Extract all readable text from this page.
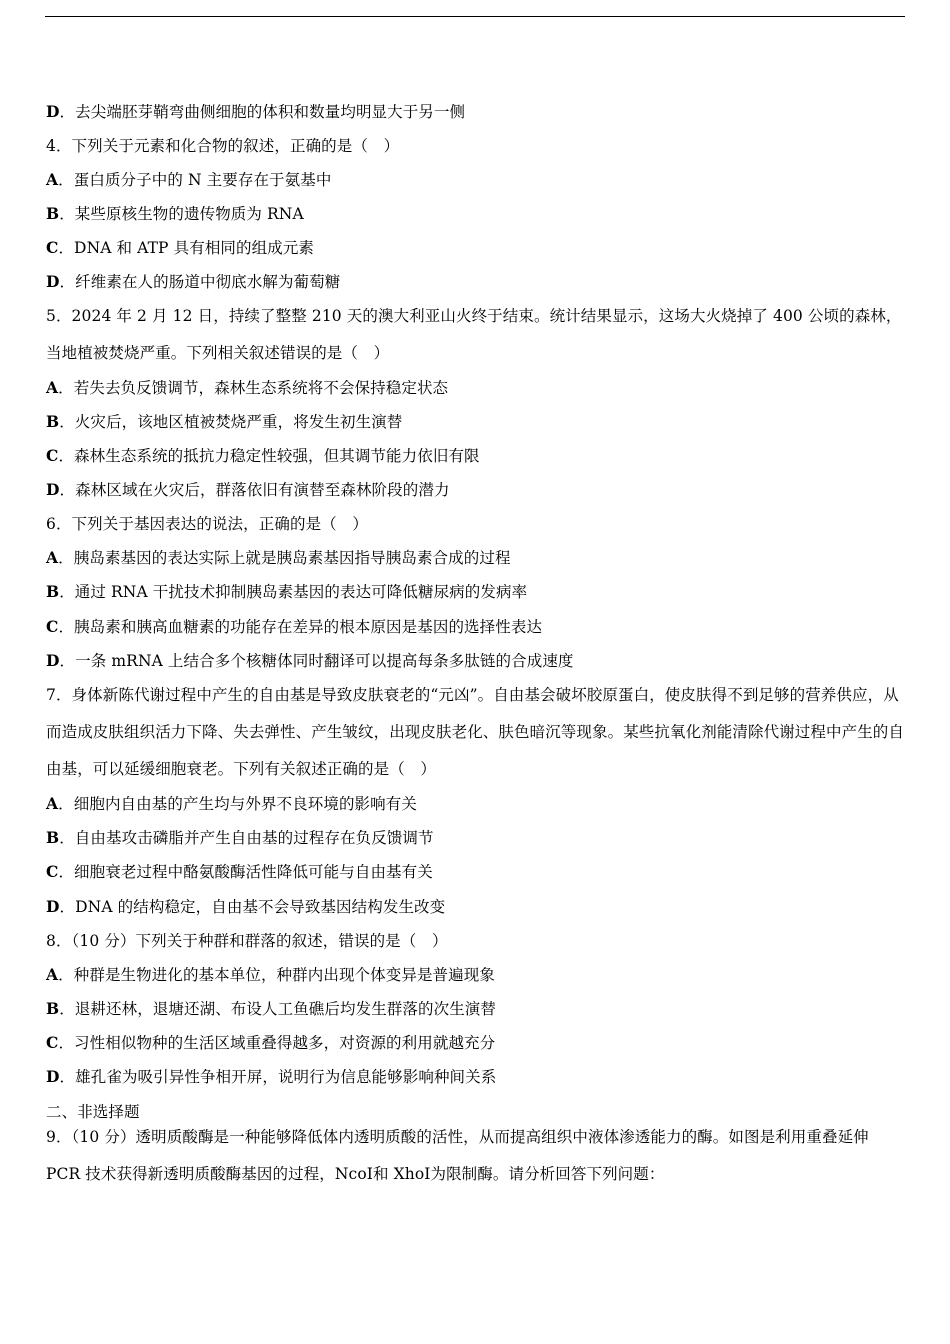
D．去尖端胚芽鞘弯曲侧细胞的体积和数量均明显大于另一侧
4．下列关于元素和化合物的叙述，正确的是（　）
A．蛋白质分子中的 N 主要存在于氨基中
B．某些原核生物的遗传物质为 RNA
C．DNA 和 ATP 具有相同的组成元素
D．纤维素在人的肠道中彻底水解为葡萄糖
5．2024 年 2 月 12 日，持续了整整 210 天的澳大利亚山火终于结束。统计结果显示，这场大火烧掉了 400 公顷的森林，当地植被焚烧严重。下列相关叙述错误的是（　）
A．若失去负反馈调节，森林生态系统将不会保持稳定状态
B．火灾后，该地区植被焚烧严重，将发生初生演替
C．森林生态系统的抵抗力稳定性较强，但其调节能力依旧有限
D．森林区域在火灾后，群落依旧有演替至森林阶段的潜力
6．下列关于基因表达的说法，正确的是（　）
A．胰岛素基因的表达实际上就是胰岛素基因指导胰岛素合成的过程
B．通过 RNA 干扰技术抑制胰岛素基因的表达可降低糖尿病的发病率
C．胰岛素和胰高血糖素的功能存在差异的根本原因是基因的选择性表达
D．一条 mRNA 上结合多个核糖体同时翻译可以提高每条多肽链的合成速度
7．身体新陈代谢过程中产生的自由基是导致皮肤衰老的“元凶”。自由基会破坏胶原蛋白，使皮肤得不到足够的营养供应，从而造成皮肤组织活力下降、失去弹性、产生皱纹，出现皮肤老化、肤色暗沉等现象。某些抗氧化剂能清除代谢过程中产生的自由基，可以延缓细胞衰老。下列有关叙述正确的是（　）
A．细胞内自由基的产生均与外界不良环境的影响有关
B．自由基攻击磷脂并产生自由基的过程存在负反馈调节
C．细胞衰老过程中酪氨酸酶活性降低可能与自由基有关
D．DNA 的结构稳定，自由基不会导致基因结构发生改变
8．（10 分）下列关于种群和群落的叙述，错误的是（　）
A．种群是生物进化的基本单位，种群内出现个体变异是普遍现象
B．退耕还林，退塘还湖、布设人工鱼礁后均发生群落的次生演替
C．习性相似物种的生活区域重叠得越多，对资源的利用就越充分
D．雄孔雀为吸引异性争相开屏，说明行为信息能够影响种间关系
二、非选择题
9．（10 分）透明质酸酶是一种能够降低体内透明质酸的活性，从而提高组织中液体渗透能力的酶。如图是利用重叠延伸 PCR 技术获得新透明质酸酶基因的过程，NcoⅠ和 XhoⅠ为限制酶。请分析回答下列问题：
